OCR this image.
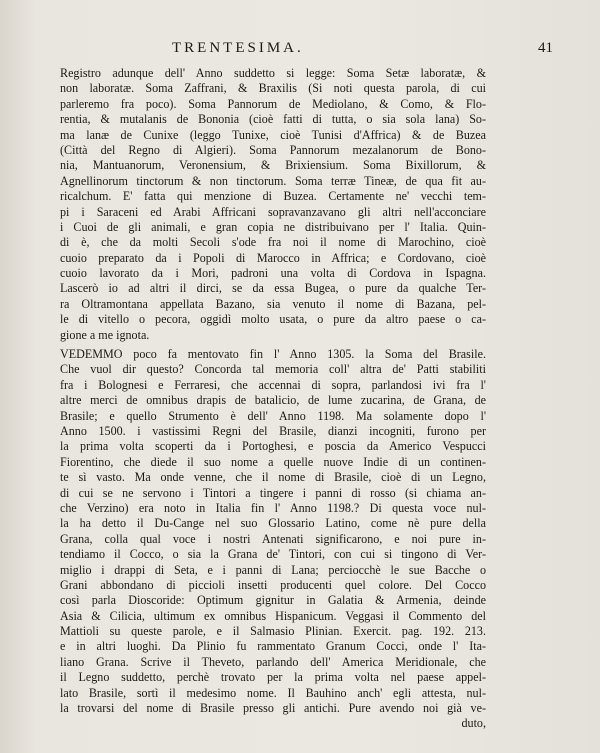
TRENTESIMA.	41
Registro adunque dell' Anno suddetto si legge: Soma Setæ laboratæ, &
non laboratæ. Soma Zaffrani, & Braxilis (Si noti questa parola, di cui
parleremo fra poco). Soma Pannorum de Mediolano, & Como, & Flo-
rentia, & mutalanis de Bononia (cioè fatti di tutta, o sia sola lana) So-
ma lanæ de Cunixe (leggo Tunixe, cioè Tunisi d'Affrica) & de Buzea
(Città del Regno di Algieri). Soma Pannorum mezalanorum de Bono-
nia, Mantuanorum, Veronensium, & Brixiensium. Soma Bixillorum, &
Agnellinorum tinctorum & non tinctorum. Soma terræ Tineæ, de qua fit au-
ricalchum. E' fatta qui menzione di Buzea. Certamente ne' vecchi tem-
pi i Saraceni ed Arabi Affricani sopravanzavano gli altri nell'acconciare
i Cuoi de gli animali, e gran copia ne distribuivano per l' Italia. Quin-
di è, che da molti Secoli s'ode fra noi il nome di Marochino, cioè
cuoio preparato da i Popoli di Marocco in Affrica; e Cordovano, cioè
cuoio lavorato da i Mori, padroni una volta di Cordova in Ispagna.
Lascerò io ad altri il dirci, se da essa Bugea, o pure da qualche Ter-
ra Oltramontana appellata Bazano, sia venuto il nome di Bazana, pel-
le di vitello o pecora, oggidì molto usata, o pure da altro paese o ca-
gione a me ignota.
VEDEMMO poco fa mentovato fin l' Anno 1305. la Soma del Brasile.
Che vuol dir questo? Concorda tal memoria coll' altra de' Patti stabiliti
fra i Bolognesi e Ferraresi, che accennai di sopra, parlandosi ivi fra l'
altre merci de omnibus drapis de batalicio, de lume zucarina, de Grana, de
Brasile; e quello Strumento è dell' Anno 1198. Ma solamente dopo l'
Anno 1500. i vastissimi Regni del Brasile, dianzi incogniti, furono per
la prima volta scoperti da i Portoghesi, e poscia da Americo Vespucci
Fiorentino, che diede il suo nome a quelle nuove Indie di un continen-
te sì vasto. Ma onde venne, che il nome di Brasile, cioè di un Legno,
di cui se ne servono i Tintori a tingere i panni di rosso (si chiama an-
che Verzino) era noto in Italia fin l' Anno 1198.? Di questa voce nul-
la ha detto il Du-Cange nel suo Glossario Latino, come nè pure della
Grana, colla qual voce i nostri Antenati significarono, e noi pure in-
tendiamo il Cocco, o sia la Grana de' Tintori, con cui si tingono di Ver-
miglio i drappi di Seta, e i panni di Lana; perciocchè le sue Bacche o
Grani abbondano di piccioli insetti producenti quel colore. Del Cocco
così parla Dioscoride: Optimum gignitur in Galatia & Armenia, deinde
Asia & Cilicia, ultimum ex omnibus Hispanicum. Veggasi il Commento del
Mattioli su queste parole, e il Salmasio Plinian. Exercit. pag. 192. 213.
e in altri luoghi. Da Plinio fu rammentato Granum Cocci, onde l' Ita-
liano Grana. Scrive il Theveto, parlando dell' America Meridionale, che
il Legno suddetto, perchè trovato per la prima volta nel paese appel-
lato Brasile, sortì il medesimo nome. Il Bauhino anch' egli attesta, nul-
la trovarsi del nome di Brasile presso gli antichi. Pure avendo noi già ve-
duto,
